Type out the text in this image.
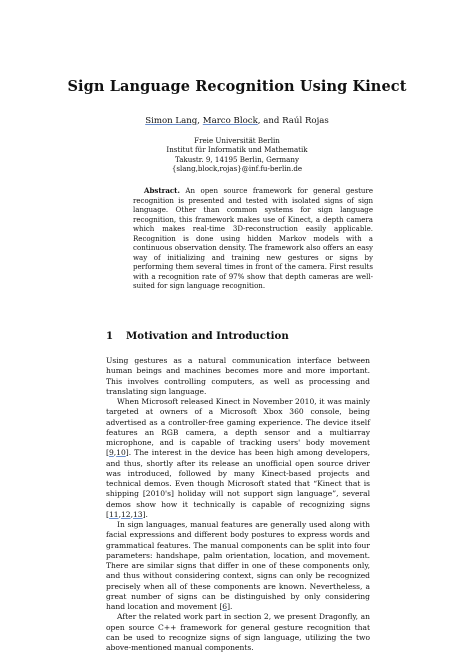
Sign Language Recognition Using Kinect
Simon Lang, Marco Block, and Raúl Rojas
Freie Universität Berlin
Institut für Informatik und Mathematik
Takustr. 9, 14195 Berlin, Germany
{slang,block,rojas}@inf.fu-berlin.de
Abstract. An open source framework for general gesture recognition is presented and tested with isolated signs of sign language. Other than common systems for sign language recognition, this framework makes use of Kinect, a depth camera which makes real-time 3D-reconstruction easily applicable. Recognition is done using hidden Markov models with a continuous observation density. The framework also offers an easy way of initializing and training new gestures or signs by performing them several times in front of the camera. First results with a recognition rate of 97% show that depth cameras are well-suited for sign language recognition.
1 Motivation and Introduction

Using gestures as a natural communication interface between human beings and machines becomes more and more important. This involves controlling computers, as well as processing and translating sign language.

When Microsoft released Kinect in November 2010, it was mainly targeted at owners of a Microsoft Xbox 360 console, being advertised as a controller-free gaming experience. The device itself features an RGB camera, a depth sensor and a multiarray microphone, and is capable of tracking users' body movement [9,10]. The interest in the device has been high among developers, and thus, shortly after its release an unofficial open source driver was introduced, followed by many Kinect-based projects and technical demos. Even though Microsoft stated that “Kinect that is shipping [2010's] holiday will not support sign language”, several demos show how it technically is capable of recognizing signs [11,12,13].

In sign languages, manual features are generally used along with facial expressions and different body postures to express words and grammatical features. The manual components can be split into four parameters: handshape, palm orientation, location, and movement. There are similar signs that differ in one of these components only, and thus without considering context, signs can only be recognized precisely when all of these components are known. Nevertheless, a great number of signs can be distinguished by only considering hand location and movement [6].

After the related work part in section 2, we present Dragonfly, an open source C++ framework for general gesture recognition that can be used to recognize signs of sign language, utilizing the two above-mentioned manual components.
